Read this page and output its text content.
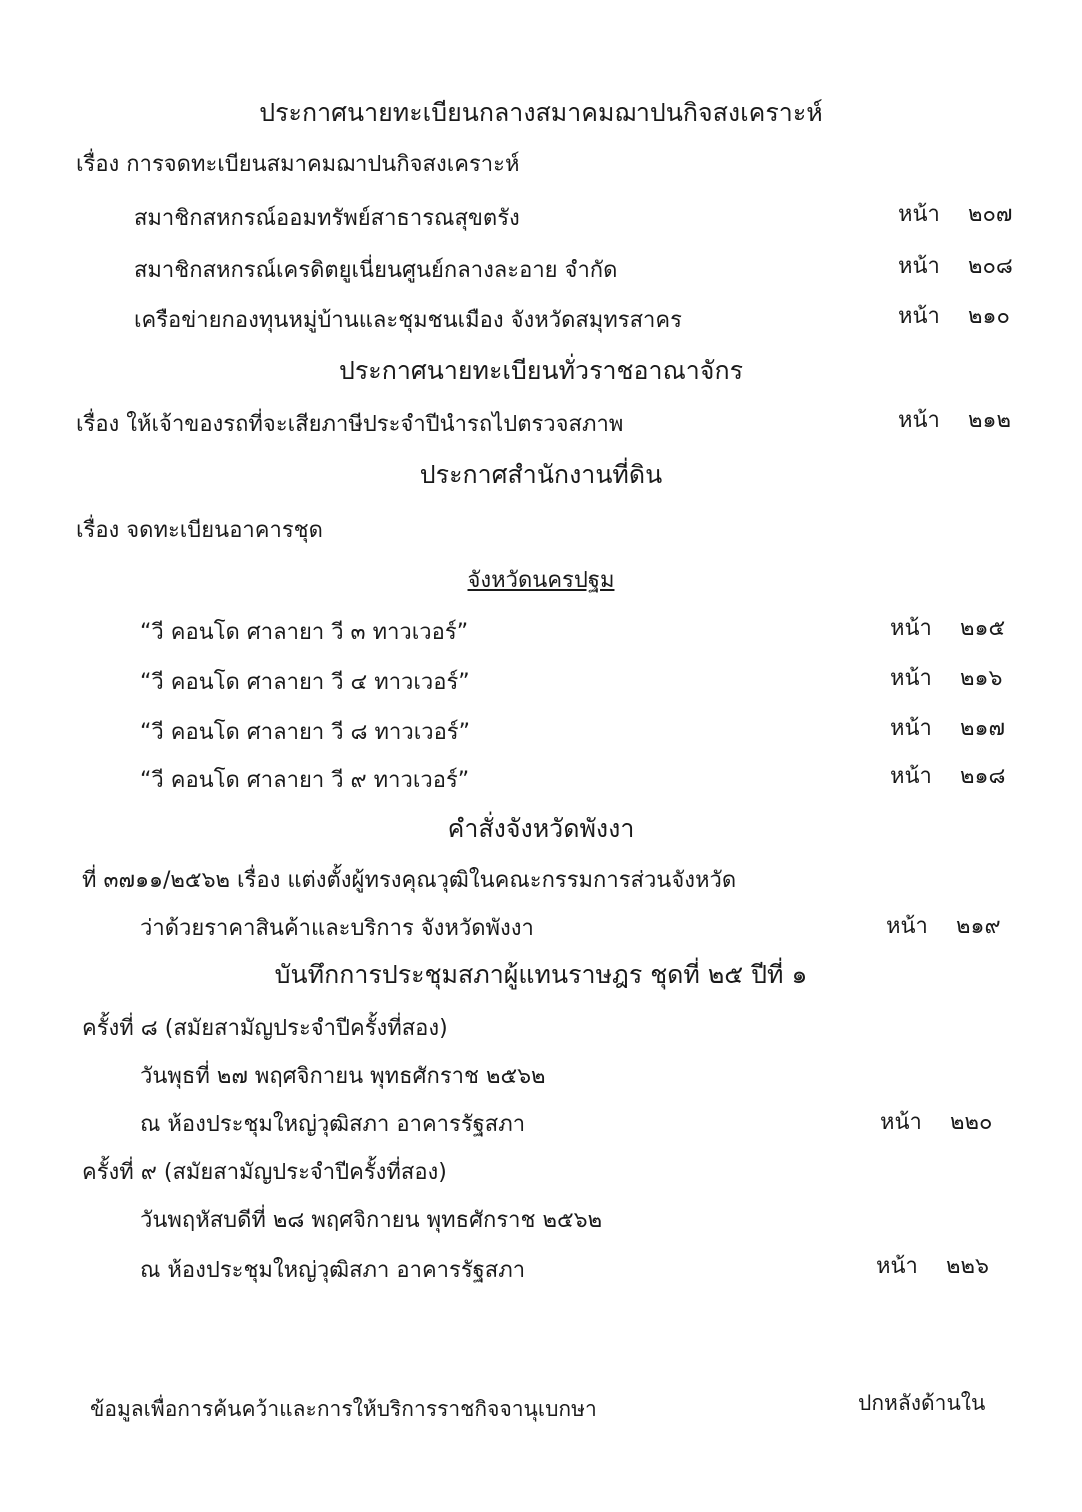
ประกาศนายทะเบียนกลางสมาคมฌาปนกิจสงเคราะห์
เรื่อง การจดทะเบียนสมาคมฌาปนกิจสงเคราะห์
สมาชิกสหกรณ์ออมทรัพย์สาธารณสุขตรัง	หน้า ๒๐๗
สมาชิกสหกรณ์เครดิตยูเนี่ยนศูนย์กลางละอาย จำกัด	หน้า ๒๐๘
เครือข่ายกองทุนหมู่บ้านและชุมชนเมือง จังหวัดสมุทรสาคร	หน้า ๒๑๐
ประกาศนายทะเบียนทั่วราชอาณาจักร
เรื่อง ให้เจ้าของรถที่จะเสียภาษีประจำปีนำรถไปตรวจสภาพ	หน้า ๒๑๒
ประกาศสำนักงานที่ดิน
เรื่อง จดทะเบียนอาคารชุด
จังหวัดนครปฐม
“วี คอนโด ศาลายา วี ๓ ทาวเวอร์”	หน้า ๒๑๕
“วี คอนโด ศาลายา วี ๔ ทาวเวอร์”	หน้า ๒๑๖
“วี คอนโด ศาลายา วี ๘ ทาวเวอร์”	หน้า ๒๑๗
“วี คอนโด ศาลายา วี ๙ ทาวเวอร์”	หน้า ๒๑๘
คำสั่งจังหวัดพังงา
ที่ ๓๗๑๑/๒๕๖๒ เรื่อง แต่งตั้งผู้ทรงคุณวุฒิในคณะกรรมการส่วนจังหวัด
ว่าด้วยราคาสินค้าและบริการ จังหวัดพังงา	หน้า ๒๑๙
บันทึกการประชุมสภาผู้แทนราษฎร ชุดที่ ๒๕ ปีที่ ๑
ครั้งที่ ๘ (สมัยสามัญประจำปีครั้งที่สอง)
วันพุธที่ ๒๗ พฤศจิกายน พุทธศักราช ๒๕๖๒
ณ ห้องประชุมใหญ่วุฒิสภา อาคารรัฐสภา	หน้า ๒๒๐
ครั้งที่ ๙ (สมัยสามัญประจำปีครั้งที่สอง)
วันพฤหัสบดีที่ ๒๘ พฤศจิกายน พุทธศักราช ๒๕๖๒
ณ ห้องประชุมใหญ่วุฒิสภา อาคารรัฐสภา	หน้า ๒๒๖
ข้อมูลเพื่อการค้นคว้าและการให้บริการราชกิจจานุเบกษา	ปกหลังด้านใน
